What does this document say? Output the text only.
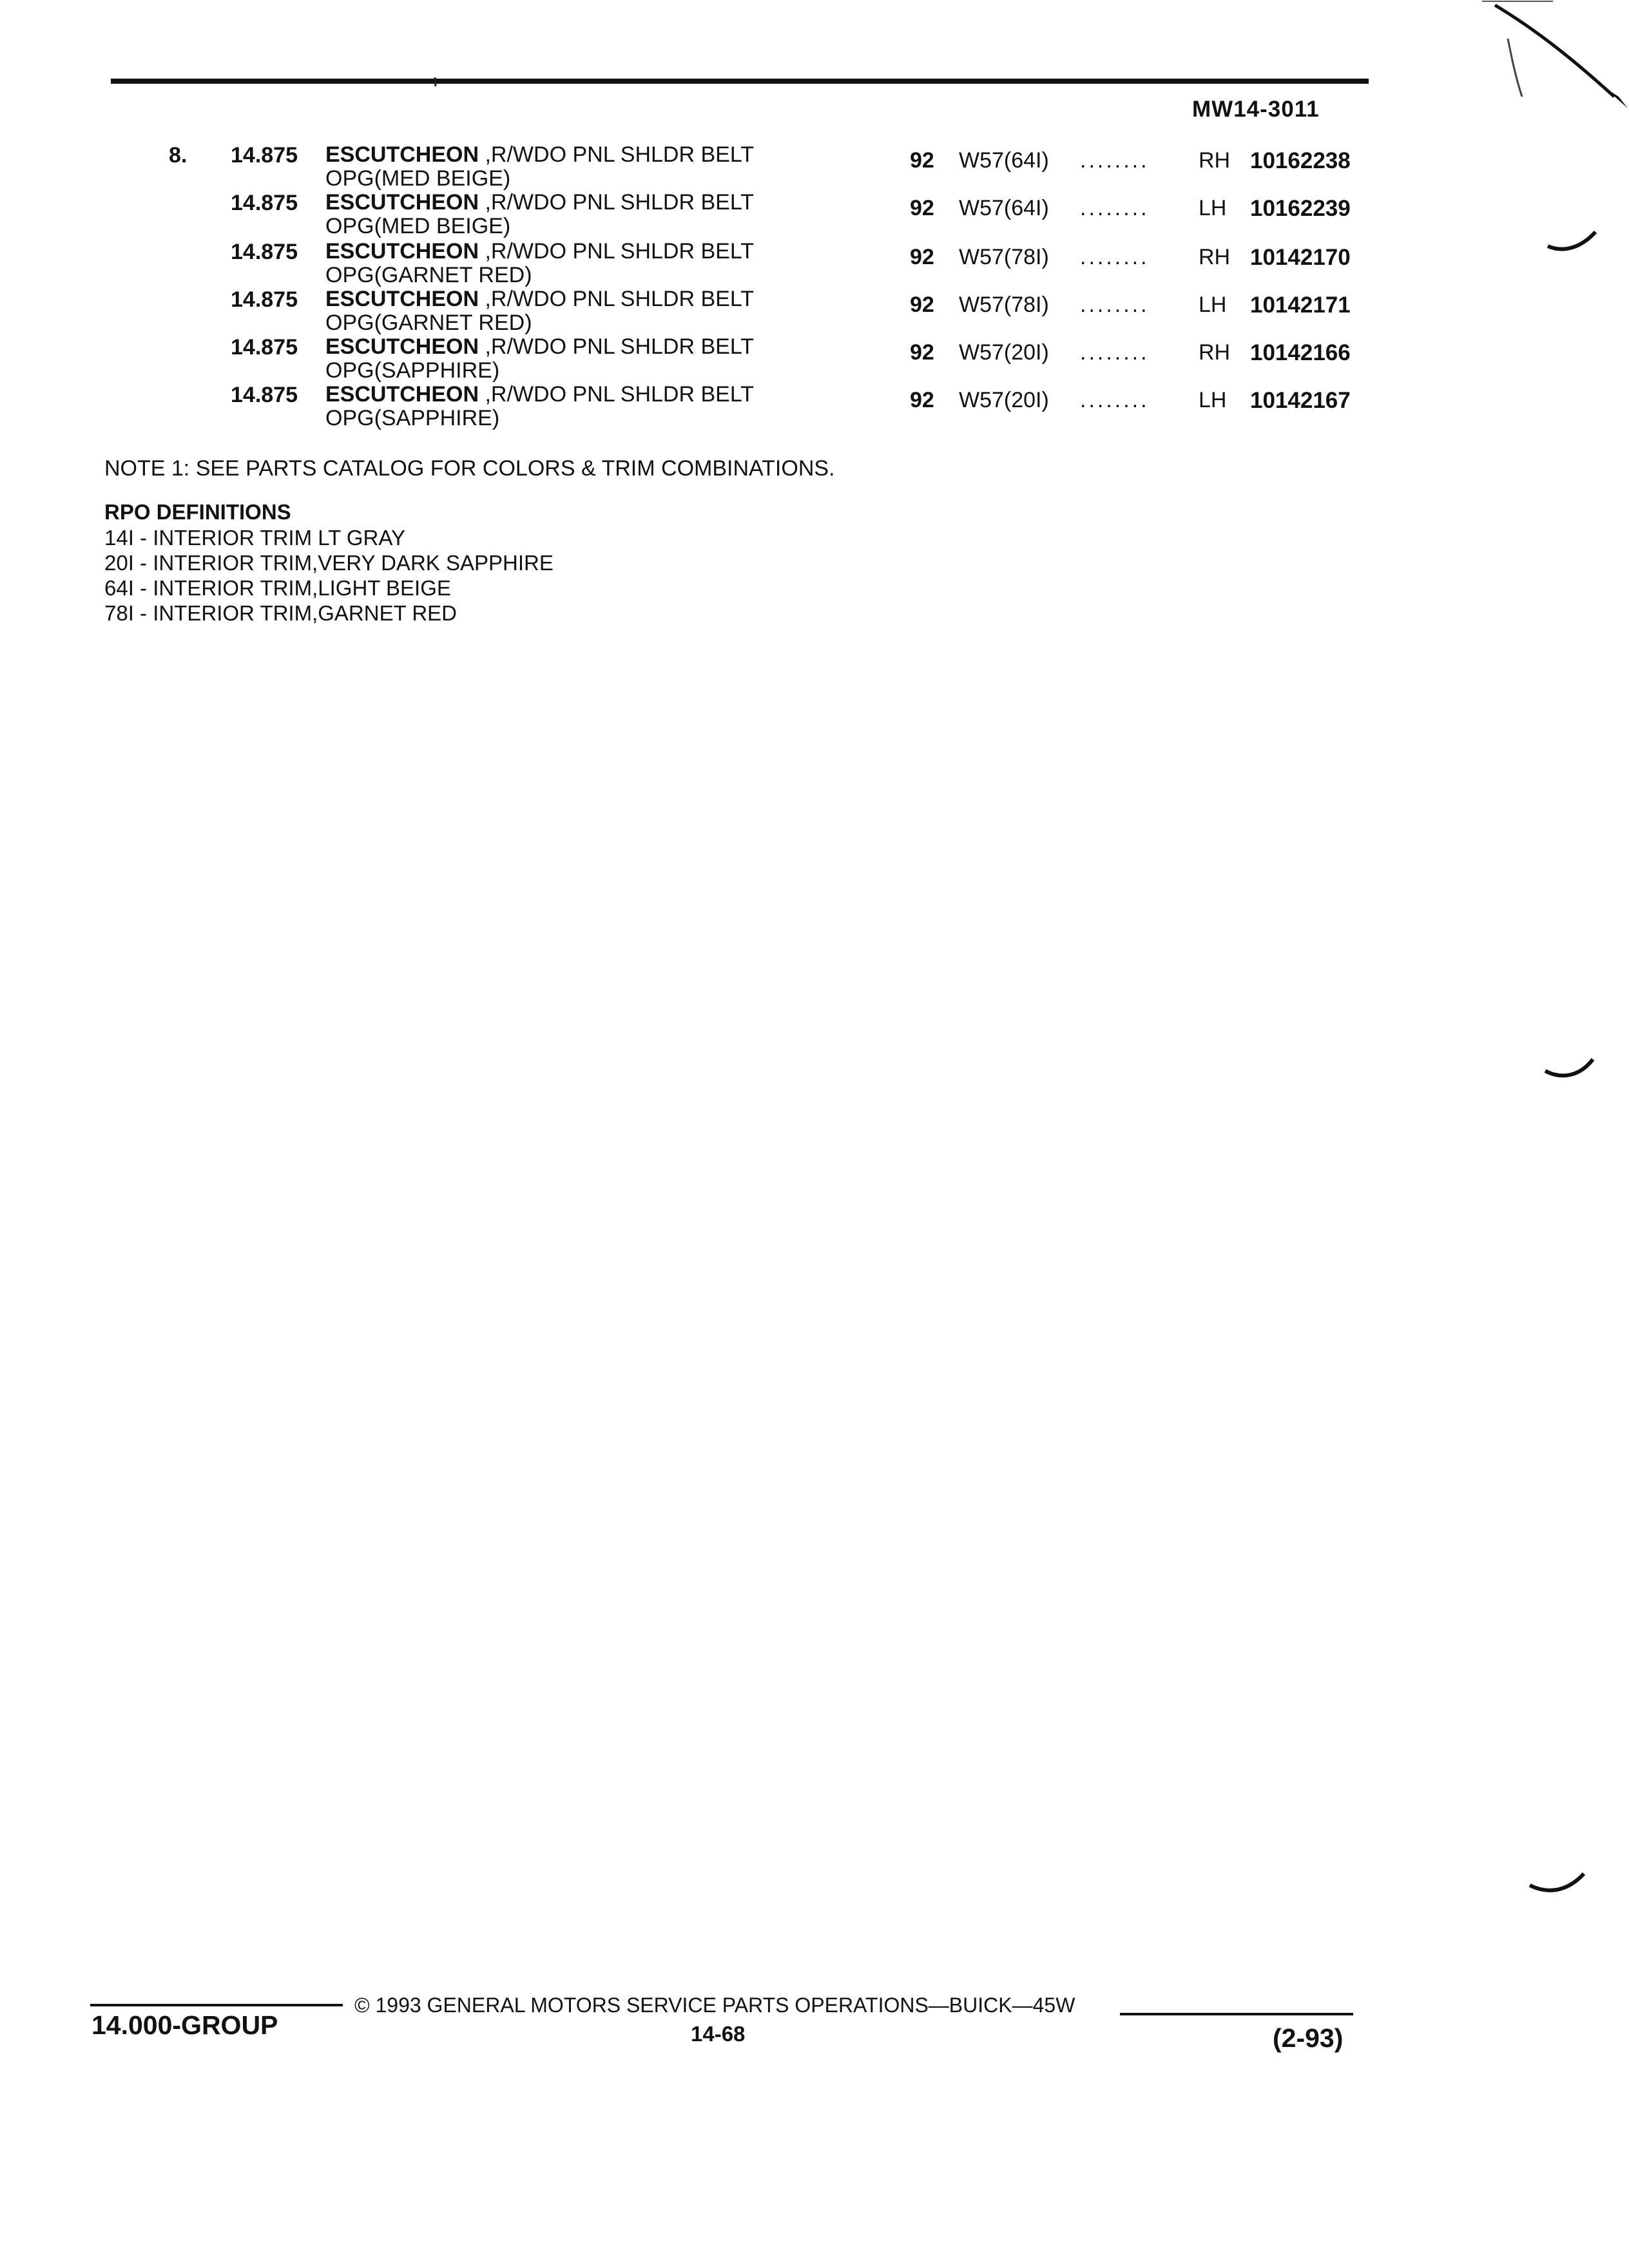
MW14-3011
8. 14.875 ESCUTCHEON ,R/WDO PNL SHLDR BELT
OPG(MED BEIGE)
92 W57(64I) ........ RH 10162238
14.875 ESCUTCHEON ,R/WDO PNL SHLDR BELT
OPG(MED BEIGE)
92 W57(64I) ........ LH 10162239
14.875 ESCUTCHEON ,R/WDO PNL SHLDR BELT
OPG(GARNET RED)
92 W57(78I) ........ RH 10142170
14.875 ESCUTCHEON ,R/WDO PNL SHLDR BELT
OPG(GARNET RED)
92 W57(78I) ........ LH 10142171
14.875 ESCUTCHEON ,R/WDO PNL SHLDR BELT
OPG(SAPPHIRE)
92 W57(20I) ........ RH 10142166
14.875 ESCUTCHEON ,R/WDO PNL SHLDR BELT
OPG(SAPPHIRE)
92 W57(20I) ........ LH 10142167
NOTE 1: SEE PARTS CATALOG FOR COLORS & TRIM COMBINATIONS.
RPO DEFINITIONS
14I - INTERIOR TRIM LT GRAY
20I - INTERIOR TRIM,VERY DARK SAPPHIRE
64I - INTERIOR TRIM,LIGHT BEIGE
78I - INTERIOR TRIM,GARNET RED
14.000-GROUP
© 1993 GENERAL MOTORS SERVICE PARTS OPERATIONS—BUICK—45W
14-68	(2-93)
